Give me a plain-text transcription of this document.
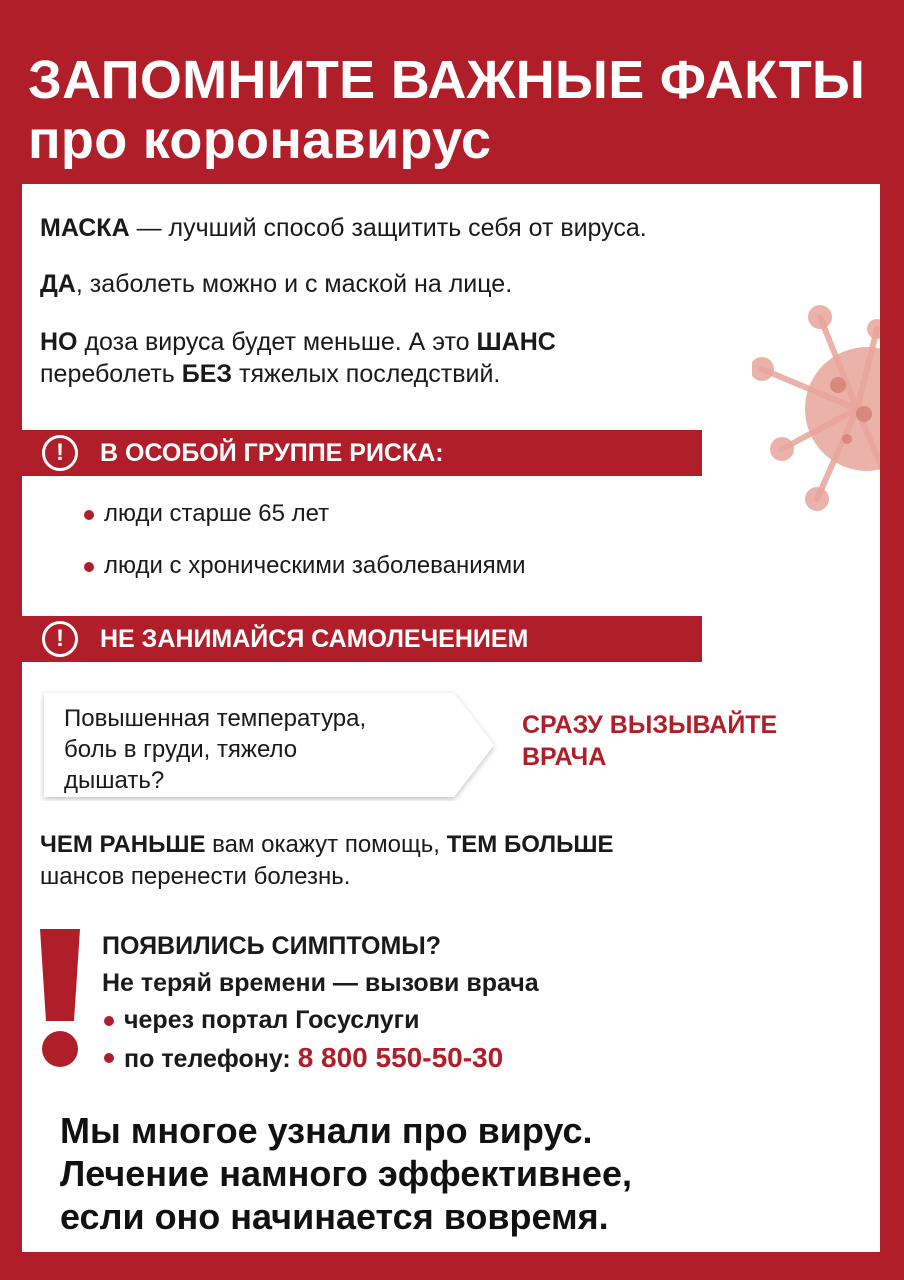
ЗАПОМНИТЕ ВАЖНЫЕ ФАКТЫ
про коронавирус
МАСКА — лучший способ защитить себя от вируса.
ДА, заболеть можно и с маской на лице.
НО доза вируса будет меньше. А это ШАНС
переболеть БЕЗ тяжелых последствий.
!	В ОСОБОЙ ГРУППЕ РИСКА:
люди старше 65 лет
люди с хроническими заболеваниями
!	НЕ ЗАНИМАЙСЯ САМОЛЕЧЕНИЕМ
Повышенная температура,
боль в груди, тяжело
дышать?
СРАЗУ ВЫЗЫВАЙТЕ
ВРАЧА
ЧЕМ РАНЬШЕ вам окажут помощь, ТЕМ БОЛЬШЕ
шансов перенести болезнь.
ПОЯВИЛИСЬ СИМПТОМЫ?
Не теряй времени — вызови врача
через портал Госуслуги
по телефону: 8 800 550-50-30
Мы многое узнали про вирус.
Лечение намного эффективнее,
если оно начинается вовремя.
